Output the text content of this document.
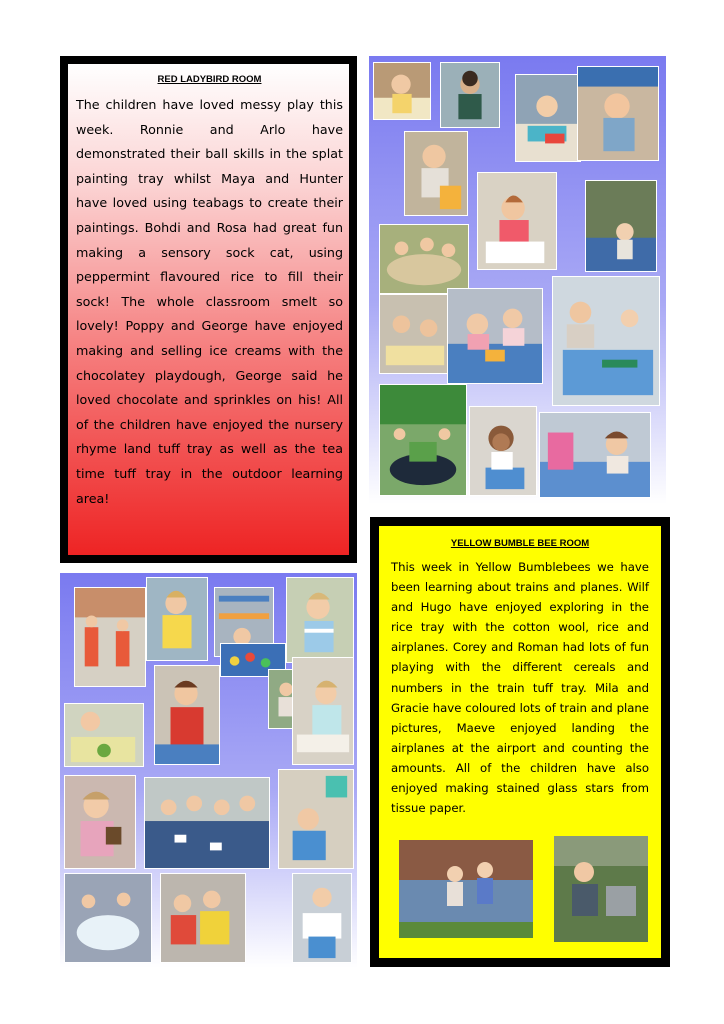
RED LADYBIRD ROOM

The children have loved messy play this week. Ronnie and Arlo have demonstrated their ball skills in the splat painting tray whilst Maya and Hunter have loved using teabags to create their paintings. Bohdi and Rosa had great fun making a sensory sock cat, using peppermint flavoured rice to fill their sock! The whole classroom smelt so lovely! Poppy and George have enjoyed making and selling ice creams with the chocolatey playdough, George said he loved chocolate and sprinkles on his! All of the children have enjoyed the nursery rhyme land tuff tray as well as the tea time tuff tray in the outdoor learning area!

YELLOW BUMBLE BEE ROOM

This week in Yellow Bumblebees we have been learning about trains and planes. Wilf and Hugo have enjoyed exploring in the rice tray with the cotton wool, rice and airplanes. Corey and Roman had lots of fun playing with the different cereals and numbers in the train tuff tray. Mila and Gracie have coloured lots of train and plane pictures, Maeve enjoyed landing the airplanes at the airport and counting the amounts. All of the children have also enjoyed making stained glass stars from tissue paper.
